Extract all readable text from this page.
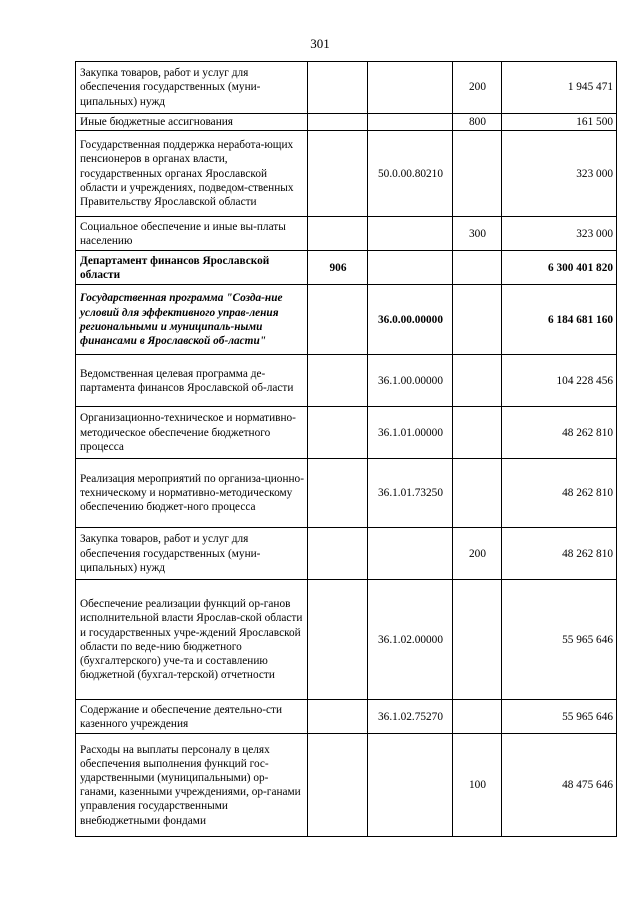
301
Закупка товаров, работ и услуг для обеспечения государственных (муни-ципальных) нужд			200	1 945 471
Иные бюджетные ассигнования			800	161 500
Государственная поддержка неработа-ющих пенсионеров в органах власти, государственных органах Ярославской области и учреждениях, подведом-ственных Правительству Ярославской области		50.0.00.80210		323 000
Социальное обеспечение и иные вы-платы населению			300	323 000
Департамент финансов Ярославской области	906			6 300 401 820
Государственная программа "Созда-ние условий для эффективного управ-ления региональными и муниципаль-ными финансами в Ярославской об-ласти"		36.0.00.00000		6 184 681 160
Ведомственная целевая программа де-партамента финансов Ярославской об-ласти		36.1.00.00000		104 228 456
Организационно-техническое и нормативно-методическое обеспечение бюджетного процесса		36.1.01.00000		48 262 810
Реализация мероприятий по организа-ционно-техническому и нормативно-методическому обеспечению бюджет-ного процесса		36.1.01.73250		48 262 810
Закупка товаров, работ и услуг для обеспечения государственных (муни-ципальных) нужд			200	48 262 810
Обеспечение реализации функций ор-ганов исполнительной власти Ярослав-ской области и государственных учре-ждений Ярославской области по веде-нию бюджетного (бухгалтерского) уче-та и составлению бюджетной (бухгал-терской) отчетности		36.1.02.00000		55 965 646
Содержание и обеспечение деятельно-сти казенного учреждения		36.1.02.75270		55 965 646
Расходы на выплаты персоналу в целях обеспечения выполнения функций гос-ударственными (муниципальными) ор-ганами, казенными учреждениями, ор-ганами управления государственными внебюджетными фондами			100	48 475 646
